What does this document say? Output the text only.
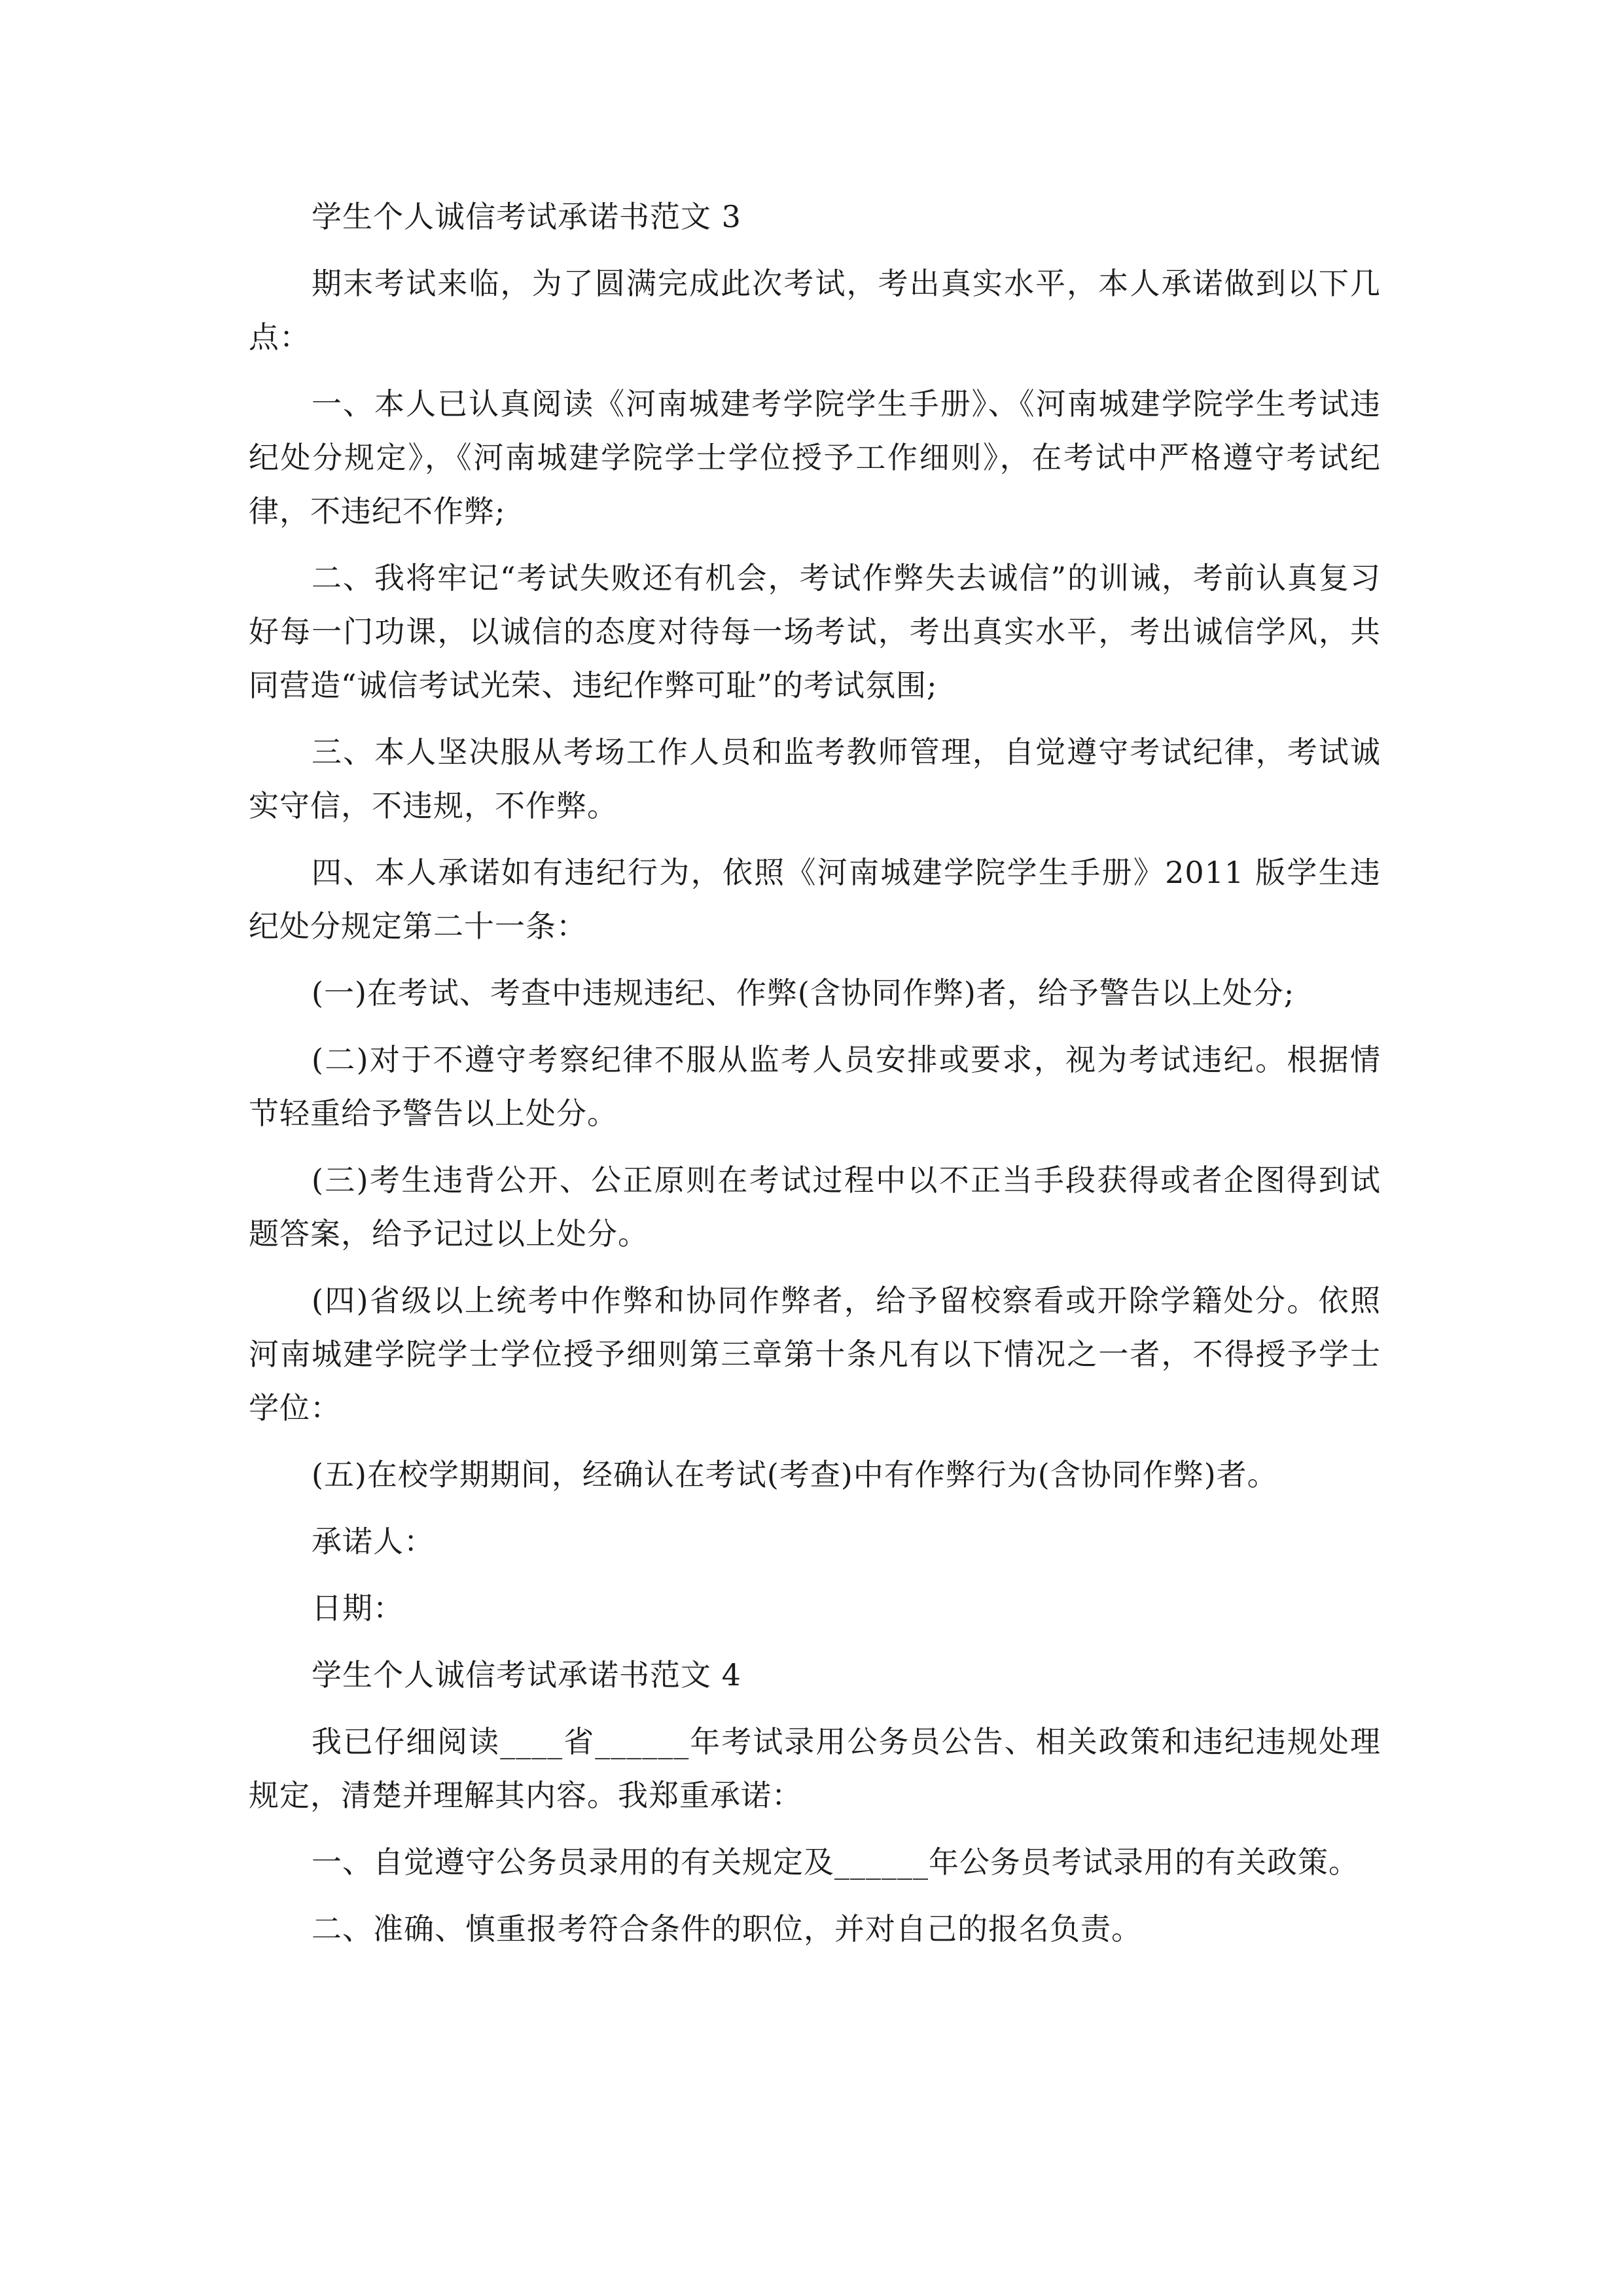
学生个人诚信考试承诺书范文 3

期末考试来临，为了圆满完成此次考试，考出真实水平，本人承诺做到以下几点：

一、本人已认真阅读《河南城建考学院学生手册》、《河南城建学院学生考试违纪处分规定》，《河南城建学院学士学位授予工作细则》，在考试中严格遵守考试纪律，不违纪不作弊;

二、我将牢记“考试失败还有机会，考试作弊失去诚信”的训诫，考前认真复习好每一门功课，以诚信的态度对待每一场考试，考出真实水平，考出诚信学风，共同营造“诚信考试光荣、违纪作弊可耻”的考试氛围;

三、本人坚决服从考场工作人员和监考教师管理，自觉遵守考试纪律，考试诚实守信，不违规，不作弊。

四、本人承诺如有违纪行为，依照《河南城建学院学生手册》2011 版学生违纪处分规定第二十一条：

(一)在考试、考查中违规违纪、作弊(含协同作弊)者，给予警告以上处分;

(二)对于不遵守考察纪律不服从监考人员安排或要求，视为考试违纪。根据情节轻重给予警告以上处分。

(三)考生违背公开、公正原则在考试过程中以不正当手段获得或者企图得到试题答案，给予记过以上处分。

(四)省级以上统考中作弊和协同作弊者，给予留校察看或开除学籍处分。依照河南城建学院学士学位授予细则第三章第十条凡有以下情况之一者，不得授予学士学位：

(五)在校学期期间，经确认在考试(考查)中有作弊行为(含协同作弊)者。

承诺人：

日期：

学生个人诚信考试承诺书范文 4

我已仔细阅读____省______年考试录用公务员公告、相关政策和违纪违规处理规定，清楚并理解其内容。我郑重承诺：

一、自觉遵守公务员录用的有关规定及______年公务员考试录用的有关政策。

二、准确、慎重报考符合条件的职位，并对自己的报名负责。
